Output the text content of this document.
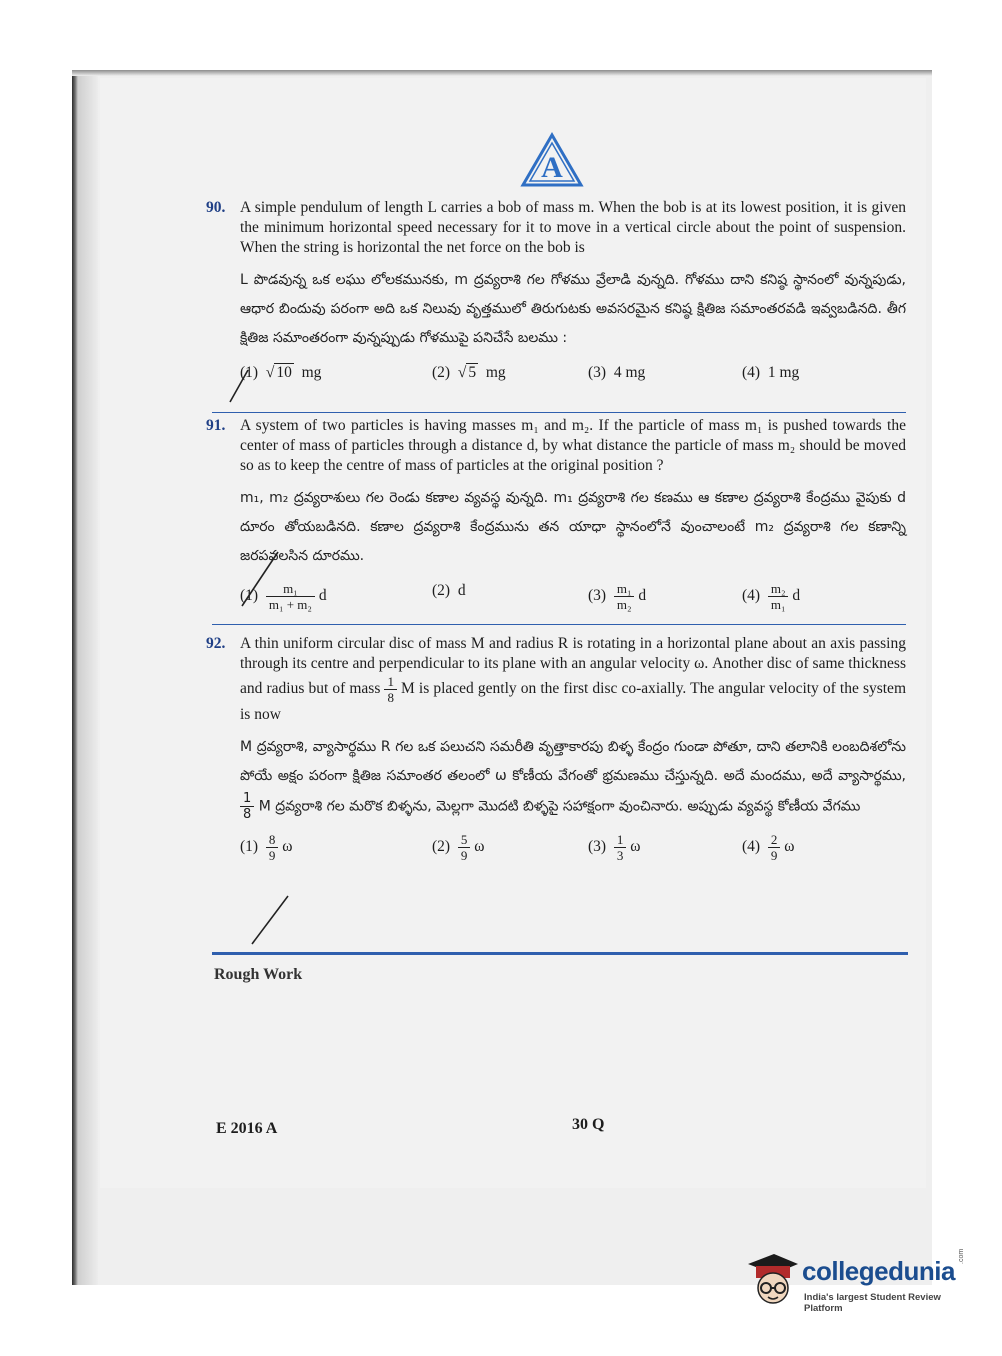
A
90. A simple pendulum of length L carries a bob of mass m. When the bob is at its lowest position, it is given the minimum horizontal speed necessary for it to move in a vertical circle about the point of suspension. When the string is horizontal the net force on the bob is
L పొడవున్న ఒక లఘు లోలకమునకు, m ద్రవ్యరాశి గల గోళము వ్రేలాడి వున్నది. గోళము దాని కనిష్ఠ స్థానంలో వున్నపుడు, ఆధార బిందువు పరంగా అది ఒక నిలువు వృత్తములో తిరుగుటకు అవసరమైన కనిష్ఠ క్షితిజ సమాంతరవడి ఇవ్వబడినది. తీగ క్షితిజ సమాంతరంగా వున్నప్పుడు గోళముపై పనిచేసే బలము :
(1)  √ 10 mg	(2)  √ 5 mg	(3) 4 mg	(4) 1 mg
91. A system of two particles is having masses m₁ and m₂. If the particle of mass m₁ is pushed towards the center of mass of particles through a distance d, by what distance the particle of mass m₂ should be moved so as to keep the centre of mass of particles at the original position ?
m₁, m₂ ద్రవ్యరాశులు గల రెండు కణాల వ్యవస్థ వున్నది. m₁ ద్రవ్యరాశి గల కణము ఆ కణాల ద్రవ్యరాశి కేంద్రము వైపుకు d దూరం తోయబడినది. కణాల ద్రవ్యరాశి కేంద్రమును తన యాధా స్థానంలోనే వుంచాలంటే m₂ ద్రవ్యరాశి గల కణాన్ని జరపవలసిన దూరము.
$(1) \frac{\text{m₁}}{\text{m₁ + m₂}}$ d	(2) d	$(3) \frac{\text{m₁}}{\text{m₂}}$ d	$(4) \frac{\text{m₂}}{\text{m₁}}$ d
92. A thin uniform circular disc of mass M and radius R is rotating in a horizontal plane about an axis passing through its centre and perpendicular to its plane with an angular velocity ω. Another disc of same thickness and radius but of mass $\frac{1}{8}$ M is placed gently on the first disc co-axially. The angular velocity of the system is now
M ద్రవ్యరాశి, వ్యాసార్థము R గల ఒక పలుచని సమరీతి వృత్తాకారపు బిళ్ళ కేంద్రం గుండా పోతూ, దాని తలానికి లంబదిశలోను పోయే అక్షం పరంగా క్షితిజ సమాంతర తలంలో ω కోణీయ వేగంతో భ్రమణము చేస్తున్నది. అదే మందము, అదే వ్యాసార్థము,
$\frac{1}{8}$ M ద్రవ్యరాశి గల మరొక బిళ్ళను, మెల్లగా మొదటి బిళ్ళపై సహాక్షంగా వుంచినారు. అప్పుడు వ్యవస్థ కోణీయ వేగము
$(1) \frac{8}{9}$ ω	$(2) \frac{5}{9}$ ω	$(3) \frac{1}{3}$ ω	$(4) \frac{2}{9}$ ω
Rough Work
E 2016 A	30 Q
collegedunia .com
India's largest Student Review Platform
